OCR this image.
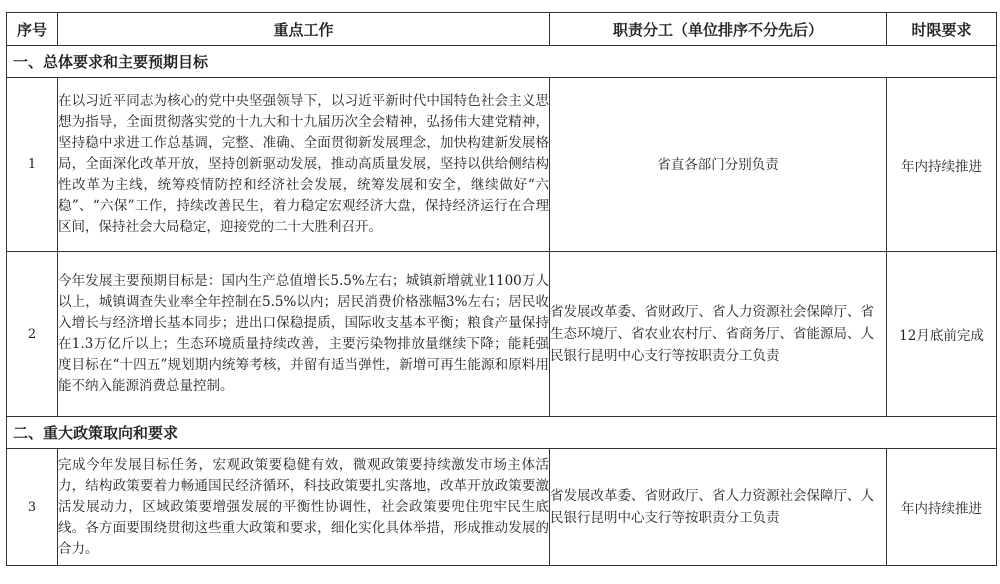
序号	重点工作	职责分工（单位排序不分先后）	时限要求
一、总体要求和主要预期目标			
1	在以习近平同志为核心的党中央坚强领导下，以习近平新时代中国特色社会主义思想为指导，全面贯彻落实党的十九大和十九届历次全会精神，弘扬伟大建党精神，坚持稳中求进工作总基调，完整、准确、全面贯彻新发展理念，加快构建新发展格局，全面深化改革开放，坚持创新驱动发展，推动高质量发展，坚持以供给侧结构性改革为主线，统筹疫情防控和经济社会发展，统筹发展和安全，继续做好“六稳”、“六保”工作，持续改善民生，着力稳定宏观经济大盘，保持经济运行在合理区间，保持社会大局稳定，迎接党的二十大胜利召开。	省直各部门分别负责	年内持续推进
2	今年发展主要预期目标是：国内生产总值增长5.5%左右；城镇新增就业1100万人以上，城镇调查失业率全年控制在5.5%以内；居民消费价格涨幅3%左右；居民收入增长与经济增长基本同步；进出口保稳提质，国际收支基本平衡；粮食产量保持在1.3万亿斤以上；生态环境质量持续改善，主要污染物排放量继续下降；能耗强度目标在“十四五”规划期内统筹考核，并留有适当弹性，新增可再生能源和原料用能不纳入能源消费总量控制。	省发展改革委、省财政厅、省人力资源社会保障厅、省生态环境厅、省农业农村厅、省商务厅、省能源局、人民银行昆明中心支行等按职责分工负责	12月底前完成
二、重大政策取向和要求			
3	完成今年发展目标任务，宏观政策要稳健有效，微观政策要持续激发市场主体活力，结构政策要着力畅通国民经济循环，科技政策要扎实落地，改革开放政策要激活发展动力，区域政策要增强发展的平衡性协调性，社会政策要兜住兜牢民生底线。各方面要围绕贯彻这些重大政策和要求，细化实化具体举措，形成推动发展的合力。	省发展改革委、省财政厅、省人力资源社会保障厅、人民银行昆明中心支行等按职责分工负责	年内持续推进
